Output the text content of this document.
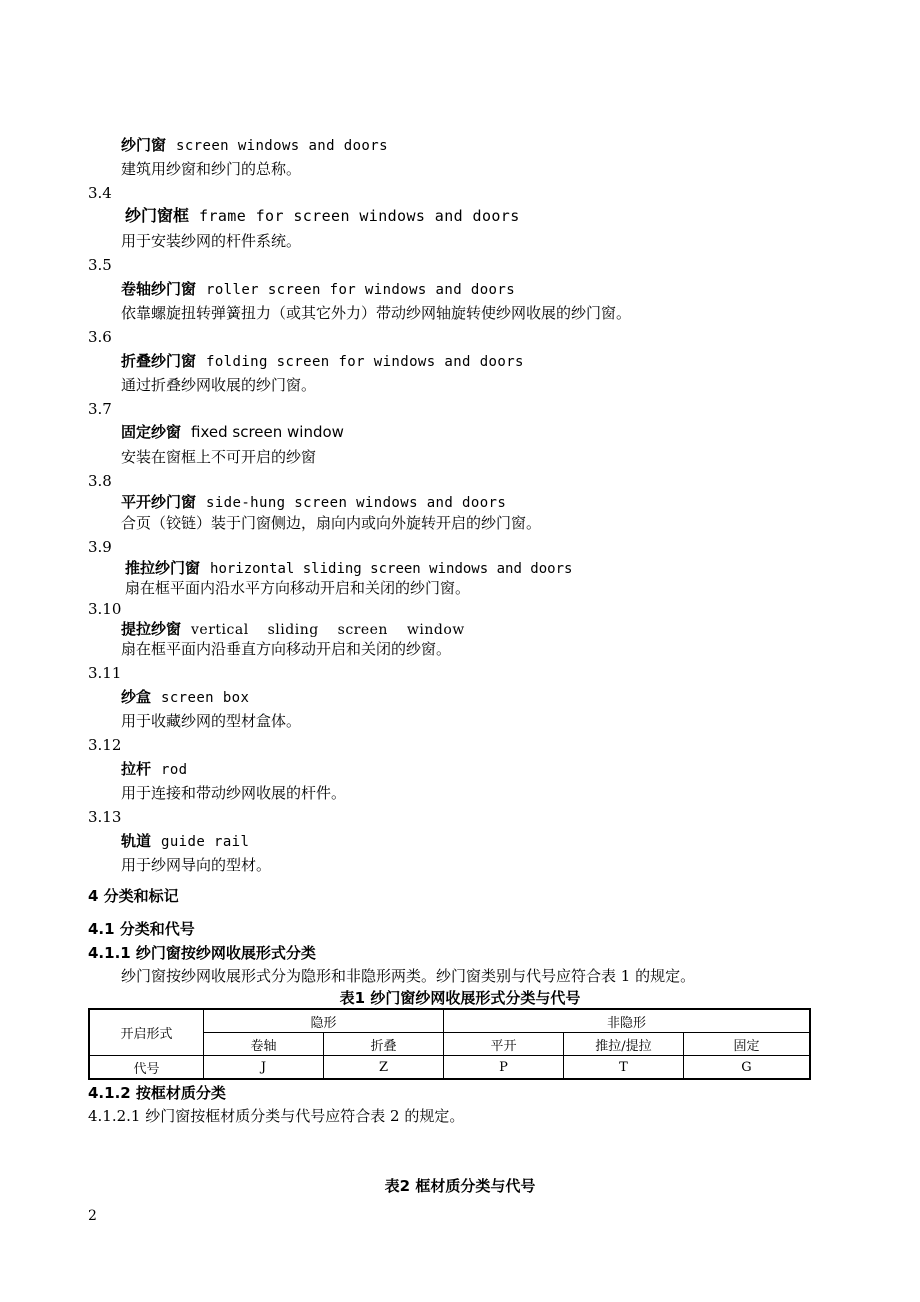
纱门窗 screen windows and doors
建筑用纱窗和纱门的总称。
3.4
纱门窗框 frame for screen windows and doors
用于安装纱网的杆件系统。
3.5
卷轴纱门窗 roller screen for windows and doors
依靠螺旋扭转弹簧扭力（或其它外力）带动纱网轴旋转使纱网收展的纱门窗。
3.6
折叠纱门窗 folding screen for windows and doors
通过折叠纱网收展的纱门窗。
3.7
固定纱窗 fixed screen window
安装在窗框上不可开启的纱窗
3.8
平开纱门窗 side-hung screen windows and doors
合页（铰链）装于门窗侧边，扇向内或向外旋转开启的纱门窗。
3.9
推拉纱门窗 horizontal sliding screen windows and doors
扇在框平面内沿水平方向移动开启和关闭的纱门窗。
3.10
提拉纱窗 vertical sliding screen window
扇在框平面内沿垂直方向移动开启和关闭的纱窗。
3.11
纱盒 screen box
用于收藏纱网的型材盒体。
3.12
拉杆 rod
用于连接和带动纱网收展的杆件。
3.13
轨道 guide rail
用于纱网导向的型材。
4 分类和标记
4.1 分类和代号
4.1.1 纱门窗按纱网收展形式分类
纱门窗按纱网收展形式分为隐形和非隐形两类。纱门窗类别与代号应符合表 1 的规定。
表1 纱门窗纱网收展形式分类与代号
开启形式	隐形		非隐形		
	卷轴	折叠	平开	推拉/提拉	固定
代号	J	Z	P	T	G
4.1.2 按框材质分类
4.1.2.1 纱门窗按框材质分类与代号应符合表 2 的规定。
表2 框材质分类与代号
2
